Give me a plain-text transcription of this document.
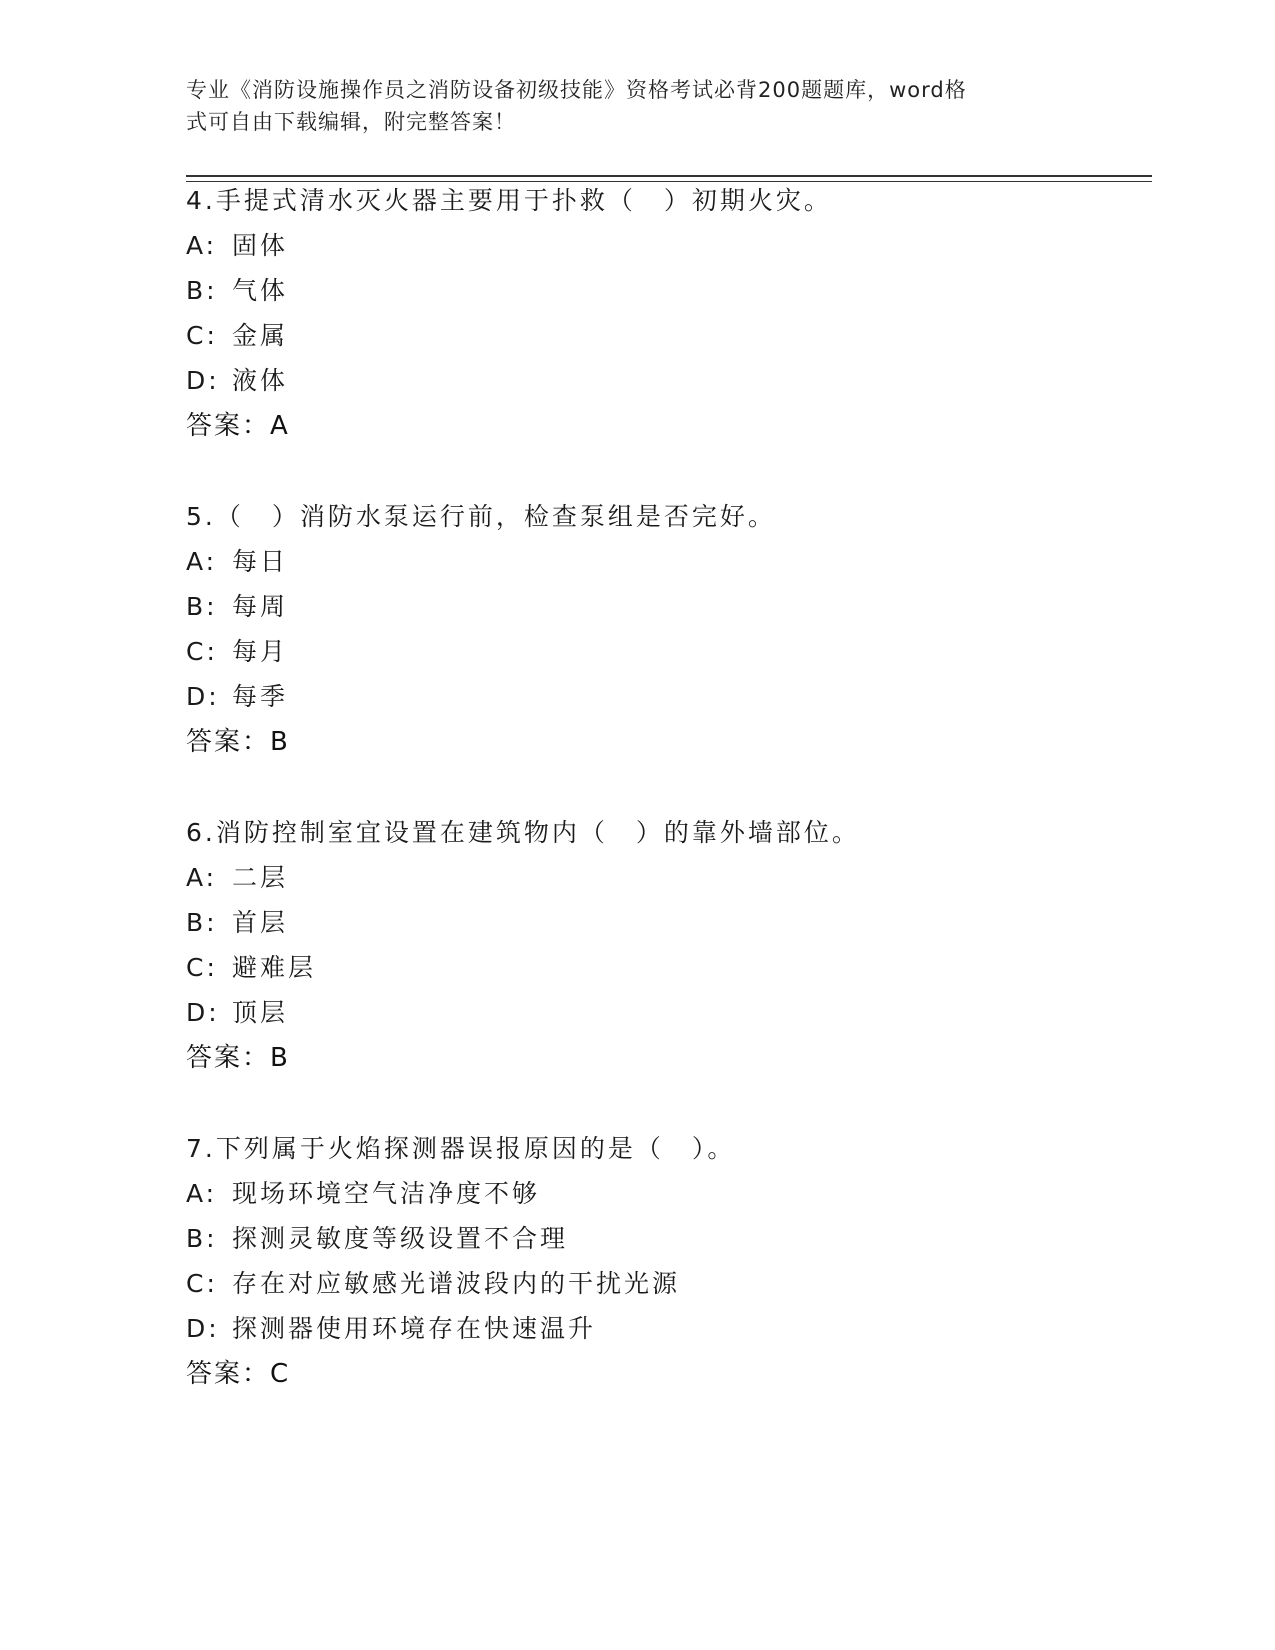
专业《消防设施操作员之消防设备初级技能》资格考试必背200题题库，word格
式可自由下载编辑，附完整答案！
4.手提式清水灭火器主要用于扑救（　）初期火灾。
A: 固体
B: 气体
C: 金属
D: 液体
答案：A
5.（　）消防水泵运行前，检查泵组是否完好。
A: 每日
B: 每周
C: 每月
D: 每季
答案：B
6.消防控制室宜设置在建筑物内（　）的靠外墙部位。
A: 二层
B: 首层
C: 避难层
D: 顶层
答案：B
7.下列属于火焰探测器误报原因的是（　）。
A: 现场环境空气洁净度不够
B: 探测灵敏度等级设置不合理
C: 存在对应敏感光谱波段内的干扰光源
D: 探测器使用环境存在快速温升
答案：C
